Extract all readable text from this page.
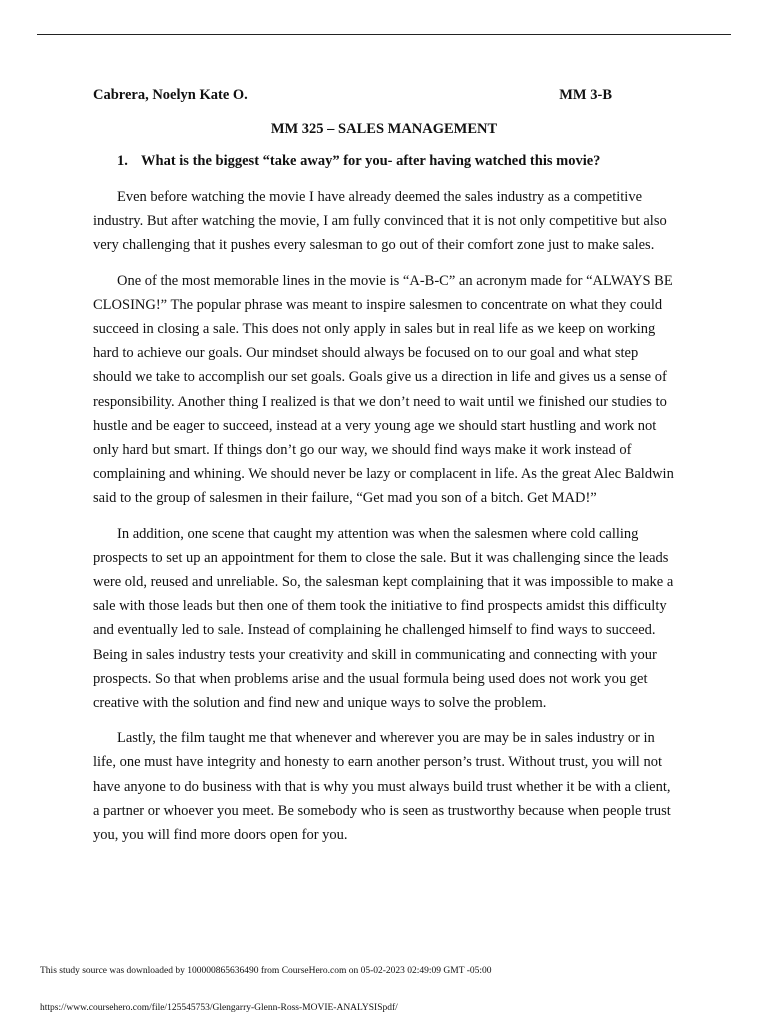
Cabrera, Noelyn Kate O.	MM 3-B
MM 325 – SALES MANAGEMENT
1. What is the biggest “take away” for you- after having watched this movie?

Even before watching the movie I have already deemed the sales industry as a competitive industry. But after watching the movie, I am fully convinced that it is not only competitive but also very challenging that it pushes every salesman to go out of their comfort zone just to make sales.

One of the most memorable lines in the movie is “A-B-C” an acronym made for “ALWAYS BE CLOSING!” The popular phrase was meant to inspire salesmen to concentrate on what they could succeed in closing a sale. This does not only apply in sales but in real life as we keep on working hard to achieve our goals. Our mindset should always be focused on to our goal and what step should we take to accomplish our set goals. Goals give us a direction in life and gives us a sense of responsibility. Another thing I realized is that we don’t need to wait until we finished our studies to hustle and be eager to succeed, instead at a very young age we should start hustling and work not only hard but smart. If things don’t go our way, we should find ways make it work instead of complaining and whining. We should never be lazy or complacent in life. As the great Alec Baldwin said to the group of salesmen in their failure, “Get mad you son of a bitch. Get MAD!”

In addition, one scene that caught my attention was when the salesmen where cold calling prospects to set up an appointment for them to close the sale. But it was challenging since the leads were old, reused and unreliable. So, the salesman kept complaining that it was impossible to make a sale with those leads but then one of them took the initiative to find prospects amidst this difficulty and eventually led to sale. Instead of complaining he challenged himself to find ways to succeed. Being in sales industry tests your creativity and skill in communicating and connecting with your prospects. So that when problems arise and the usual formula being used does not work you get creative with the solution and find new and unique ways to solve the problem.

Lastly, the film taught me that whenever and wherever you are may be in sales industry or in life, one must have integrity and honesty to earn another person’s trust. Without trust, you will not have anyone to do business with that is why you must always build trust whether it be with a client, a partner or whoever you meet. Be somebody who is seen as trustworthy because when people trust you, you will find more doors open for you.

This study source was downloaded by 100000865636490 from CourseHero.com on 05-02-2023 02:49:09 GMT -05:00
https://www.coursehero.com/file/125545753/Glengarry-Glenn-Ross-MOVIE-ANALYSISpdf/
